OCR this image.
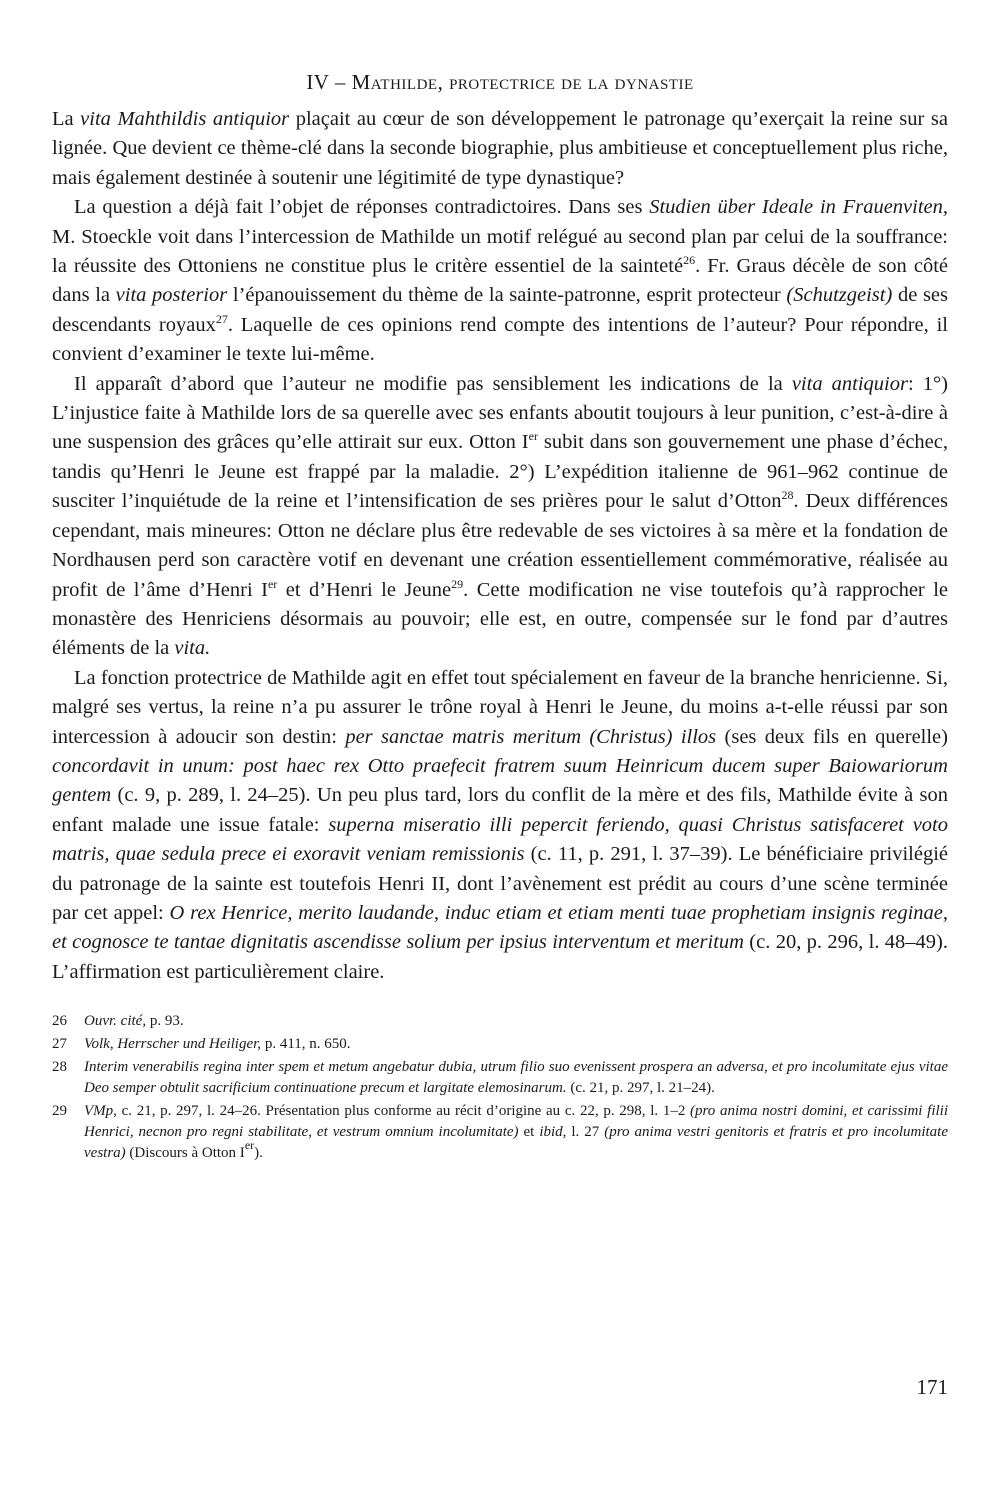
IV – Mathilde, protectrice de la dynastie

La vita Mahthildis antiquior plaçait au cœur de son développement le patronage qu’exerçait la reine sur sa lignée. Que devient ce thème-clé dans la seconde biographie, plus ambitieuse et conceptuellement plus riche, mais également destinée à soutenir une légitimité de type dynastique?

La question a déjà fait l’objet de réponses contradictoires. Dans ses Studien über Ideale in Frauenviten, M. Stoeckle voit dans l’intercession de Mathilde un motif relégué au second plan par celui de la souffrance: la réussite des Ottoniens ne constitue plus le critère essentiel de la sainteté$^{26}$. Fr. Graus décèle de son côté dans la vita posterior l’épanouissement du thème de la sainte-patronne, esprit protecteur (Schutzgeist) de ses descendants royaux$^{27}$. Laquelle de ces opinions rend compte des intentions de l’auteur? Pour répondre, il convient d’examiner le texte lui-même.

Il apparaît d’abord que l’auteur ne modifie pas sensiblement les indications de la vita antiquior: 1°) L’injustice faite à Mathilde lors de sa querelle avec ses enfants aboutit toujours à leur punition, c’est-à-dire à une suspension des grâces qu’elle attirait sur eux. Otton Ier subit dans son gouvernement une phase d’échec, tandis qu’Henri le Jeune est frappé par la maladie. 2°) L’expédition italienne de 961–962 continue de susciter l’inquiétude de la reine et l’intensification de ses prières pour le salut d’Otton$^{28}$. Deux différences cependant, mais mineures: Otton ne déclare plus être redevable de ses victoires à sa mère et la fondation de Nordhausen perd son caractère votif en devenant une création essentiellement commémorative, réalisée au profit de l’âme d’Henri Ier et d’Henri le Jeune$^{29}$. Cette modification ne vise toutefois qu’à rapprocher le monastère des Henriciens désormais au pouvoir; elle est, en outre, compensée sur le fond par d’autres éléments de la vita.

La fonction protectrice de Mathilde agit en effet tout spécialement en faveur de la branche henricienne. Si, malgré ses vertus, la reine n’a pu assurer le trône royal à Henri le Jeune, du moins a-t-elle réussi par son intercession à adoucir son destin: per sanctae matris meritum (Christus) illos (ses deux fils en querelle) concordavit in unum: post haec rex Otto praefecit fratrem suum Heinricum ducem super Baiowariorum gentem (c. 9, p. 289, l. 24–25). Un peu plus tard, lors du conflit de la mère et des fils, Mathilde évite à son enfant malade une issue fatale: superna miseratio illi pepercit feriendo, quasi Christus satisfaceret voto matris, quae sedula prece ei exoravit veniam remissionis (c. 11, p. 291, l. 37–39). Le bénéficiaire privilégié du patronage de la sainte est toutefois Henri II, dont l’avènement est prédit au cours d’une scène terminée par cet appel: O rex Henrice, merito laudande, induc etiam et etiam menti tuae prophetiam insignis reginae, et cognosce te tantae dignitatis ascendisse solium per ipsius interventum et meritum (c. 20, p. 296, l. 48–49). L’affirmation est particulièrement claire.

26	Ouvr. cité, p. 93.
27	Volk, Herrscher und Heiliger, p. 411, n. 650.
28	Interim venerabilis regina inter spem et metum angebatur dubia, utrum filio suo evenissent prospera an adversa, et pro incolumitate ejus vitae Deo semper obtulit sacrificium continuatione precum et largitate elemosinarum. (c. 21, p. 297, l. 21–24).
29	VMp, c. 21, p. 297, l. 24–26. Présentation plus conforme au récit d’origine au c. 22, p. 298, l. 1–2 (pro anima nostri domini, et carissimi filii Henrici, necnon pro regni stabilitate, et vestrum omnium incolumitate) et ibid, l. 27 (pro anima vestri genitoris et fratris et pro incolumitate vestra) (Discours à Otton Ier).
171
